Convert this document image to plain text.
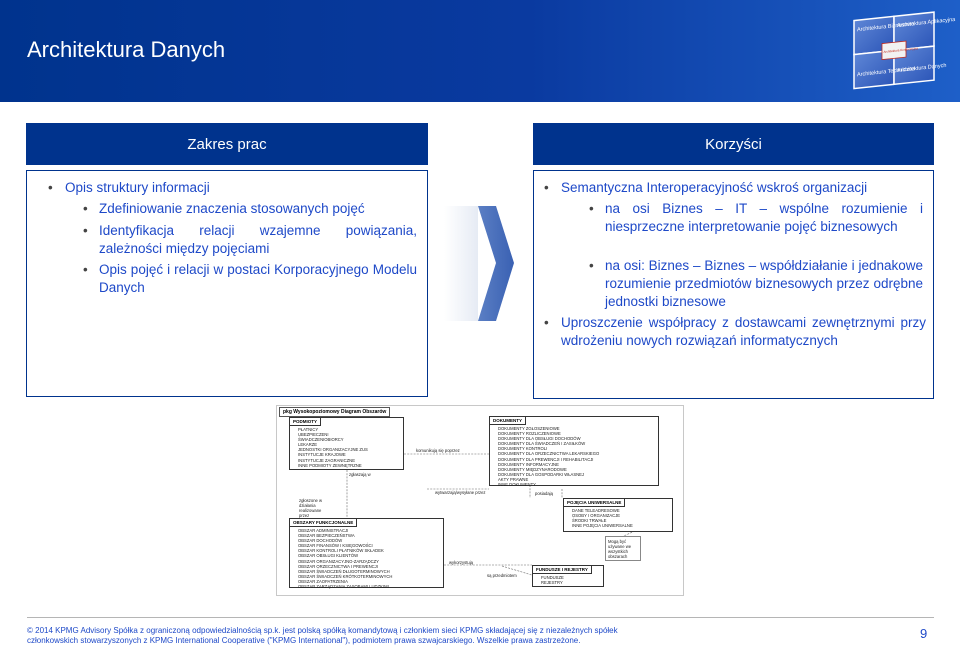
Architektura Danych
Architektura Biznesowa
Architektura Aplikacyjna
Architektura Techniczna
Architektura Danych
Architektura Korporacyjna
Zakres prac
• Opis struktury informacji
• Zdefiniowanie znaczenia stosowanych pojęć
• Identyfikacja relacji wzajemne powiązania, zależności między pojęciami
• Opis pojęć i relacji w postaci Korporacyjnego Modelu Danych
Korzyści
• Semantyczna Interoperacyjność wskroś organizacji
• na osi Biznes – IT – wspólne rozumienie i niesprzeczne interpretowanie pojęć biznesowych
• na osi: Biznes – Biznes – współdziałanie i jednakowe rozumienie przedmiotów biznesowych przez odrębne jednostki biznesowe
• Uproszczenie współpracy z dostawcami zewnętrznymi przy wdrożeniu nowych rozwiązań informatycznych
pkg Wysokopoziomowy Diagram Obszarów
PODMIOTY
PŁATNICY
UBEZPIECZENI
ŚWIADCZENIOBIORCY
LEKARZE
JEDNOSTKI ORGANIZACYJNE ZUS
INSTYTUCJE KRAJOWE
INSTYTUCJE ZAGRANICZNE
INNE PODMIOTY ZEWNĘTRZNE
DOKUMENTY
DOKUMENTY ZGŁOSZENIOWE
DOKUMENTY ROZLICZENIOWE
DOKUMENTY DLA OBSŁUGI DOCHODÓW
DOKUMENTY DLA ŚWIADCZEŃ I ZASIŁKÓW
DOKUMENTY KONTROLI
DOKUMENTY DLA ORZECZNICTWA LEKARSKIEGO
DOKUMENTY DLA PREWENCJI I REHABILITACJI
DOKUMENTY INFORMACYJNE
DOKUMENTY MIĘDZYNARODOWE
DOKUMENTY DLA GOSPODARKI WŁASNEJ
AKTY PRAWNE
INNE DOKUMENTY
OBSZARY FUNKCJONALNE
OBSZAR ADMINISTRACJI
OBSZAR BEZPIECZEŃSTWA
OBSZAR DOCHODÓW
OBSZAR FINANSÓW I KSIĘGOWOŚCI
OBSZAR KONTROLI PŁATNIKÓW SKŁADEK
OBSZAR OBSŁUGI KLIENTÓW
OBSZAR ORGANIZACYJNO-ZARZĄDCZY
OBSZAR ORZECZNICTWA I PREWENCJI
OBSZAR ŚWIADCZEŃ DŁUGOTERMINOWYCH
OBSZAR ŚWIADCZEŃ KRÓTKOTERMINOWYCH
OBSZAR ZAOPATRZENIA
OBSZAR ZARZĄDZANIA ZASOBAMI LUDZKIMI
POJĘCIA UNIWERSALNE
DANE TELEADRESOWE
OSOBY I ORGANIZACJE
ŚRODKI TRWAŁE
INNE POJĘCIA UNIWERSALNE
FUNDUSZE I REJESTRY
FUNDUSZE
REJESTRY
komunikują się poprzez
zgłaszają w
wytwarzają/wysyłane przez	posiadają
zgłoszone w
działania realizowane przez
wykorzystują
są przedmiotem
Mogą być używane we wszystkich obszarach
© 2014 KPMG Advisory Spółka z ograniczoną odpowiedzialnością sp.k. jest polską spółką komandytową i członkiem sieci KPMG składającej się z niezależnych spółek
członkowskich stowarzyszonych z KPMG International Cooperative ("KPMG International"), podmiotem prawa szwajcarskiego. Wszelkie prawa zastrzeżone.	9
